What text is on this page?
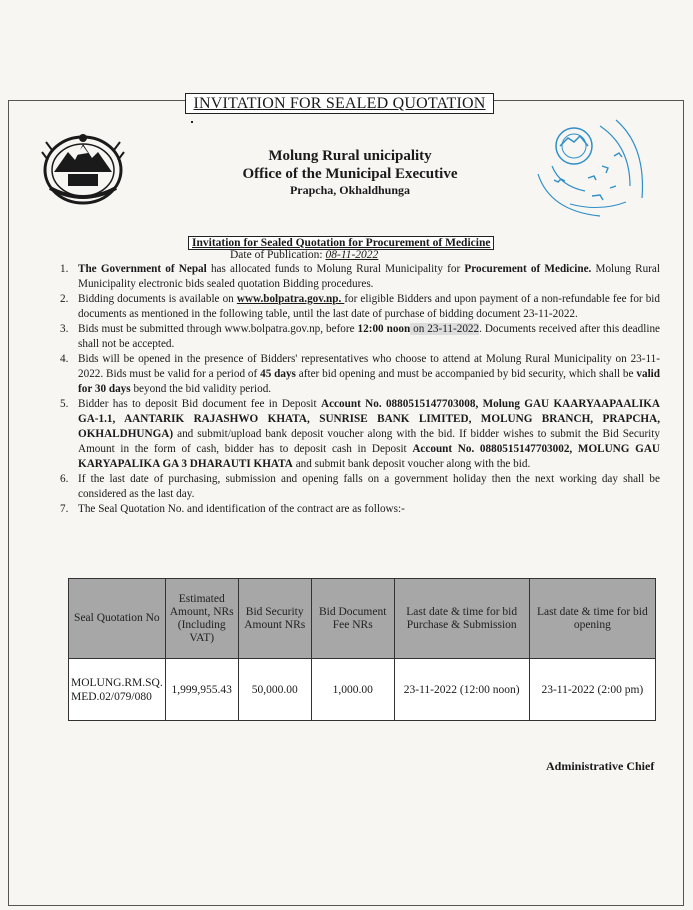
INVITATION FOR SEALED QUOTATION
Molung Rural unicipality
Office of the Municipal Executive
Prapcha, Okhaldhunga
Invitation for Sealed Quotation for Procurement of Medicine
Date of Publication: 08-11-2022
1. The Government of Nepal has allocated funds to Molung Rural Municipality for Procurement of Medicine. Molung Rural Municipality electronic bids sealed quotation Bidding procedures.
2. Bidding documents is available on www.bolpatra.gov.np. for eligible Bidders and upon payment of a non-refundable fee for bid documents as mentioned in the following table, until the last date of purchase of bidding document 23-11-2022.
3. Bids must be submitted through www.bolpatra.gov.np, before 12:00 noon on 23-11-2022. Documents received after this deadline shall not be accepted.
4. Bids will be opened in the presence of Bidders' representatives who choose to attend at Molung Rural Municipality on 23-11-2022. Bids must be valid for a period of 45 days after bid opening and must be accompanied by bid security, which shall be valid for 30 days beyond the bid validity period.
5. Bidder has to deposit Bid document fee in Deposit Account No. 0880515147703008, Molung GAU KAARYAAPAALIKA GA-1.1, AANTARIK RAJASHWO KHATA, SUNRISE BANK LIMITED, MOLUNG BRANCH, PRAPCHA, OKHALDHUNGA) and submit/upload bank deposit voucher along with the bid. If bidder wishes to submit the Bid Security Amount in the form of cash, bidder has to deposit cash in Deposit Account No. 0880515147703002, MOLUNG GAU KARYAPALIKA GA 3 DHARAUTI KHATA and submit bank deposit voucher along with the bid.
6. If the last date of purchasing, submission and opening falls on a government holiday then the next working day shall be considered as the last day.
7. The Seal Quotation No. and identification of the contract are as follows:-
Seal Quotation No	Estimated Amount, NRs (Including VAT)	Bid Security Amount NRs	Bid Document Fee NRs	Last date & time for bid Purchase & Submission	Last date & time for bid opening
MOLUNG.RM.SQ. MED.02/079/080	1,999,955.43	50,000.00	1,000.00	23-11-2022 (12:00 noon)	23-11-2022 (2:00 pm)
Administrative Chief
